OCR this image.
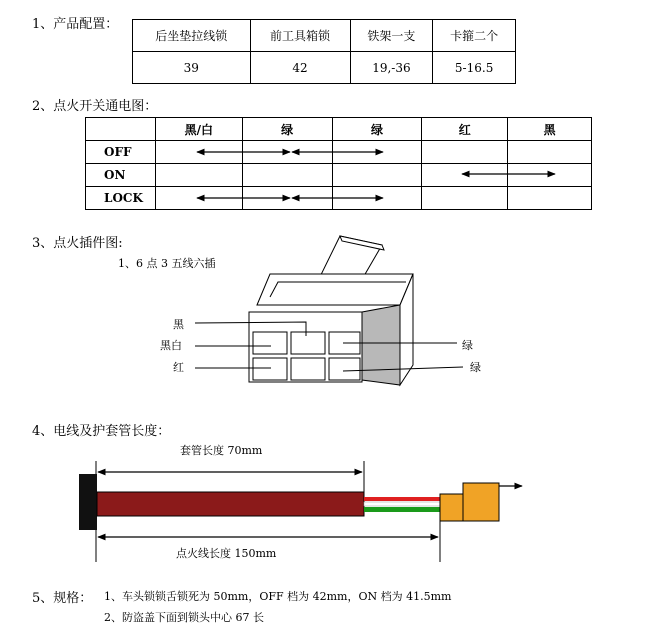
1、产品配置：
后坐垫拉线锁	前工具箱锁	铁架一支	卡箍二个
39	42	19,-36	5-16.5
2、点火开关通电图：
	黑/白	绿	绿	红	黑
OFF					
ON					
LOCK					
3、点火插件图:
1、6 点 3 五线六插
黑
黑白
红
绿
绿
4、电线及护套管长度：
套管长度 70mm
点火线长度 150mm
5、规格： 1、车头锁锁舌锁死为 50mm，OFF 档为 42mm，ON 档为 41.5mm
2、防盗盖下面到锁头中心 67 长
